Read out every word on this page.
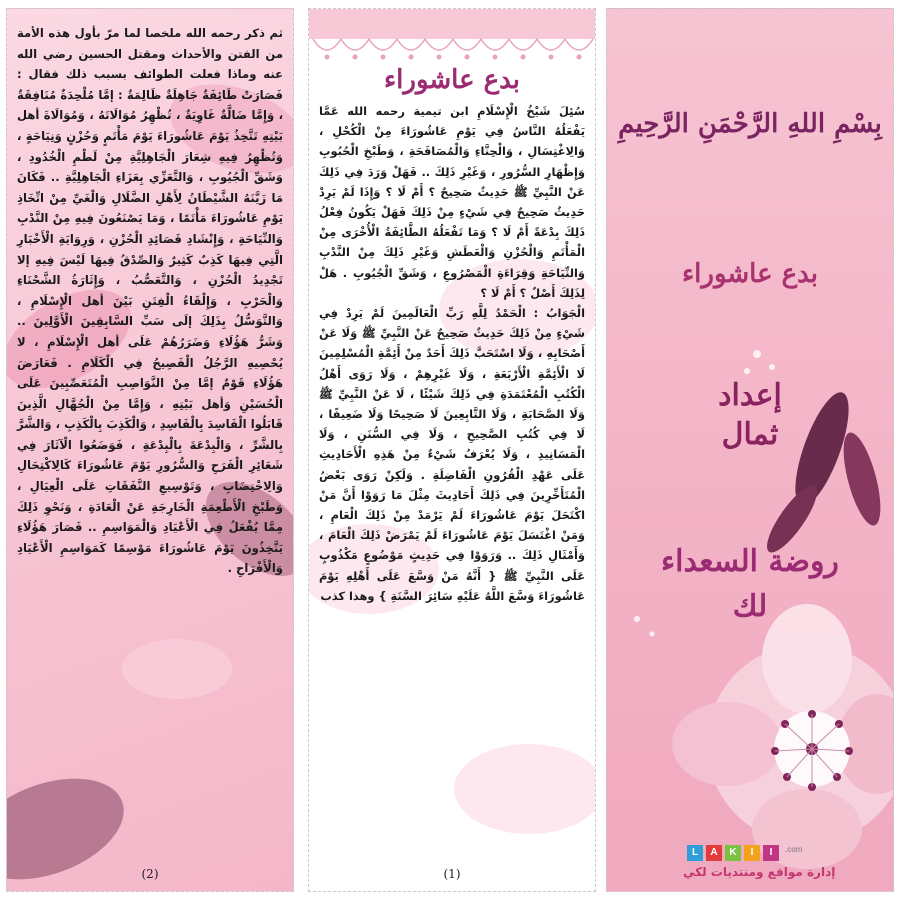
ثم ذكر رحمه الله ملخصا لما مرّ بأول هذه الأمة من الفتن والأحداث ومقتل الحسين رضي الله عنه وماذا فعلت الطوائف بسبب ذلك فقال : فَصَارَتْ طَائِفَةٌ جَاهِلَةٌ ظَالِمَةٌ : إمَّا مُلْحِدَةٌ مُنَافِقَةٌ ، وَإِمَّا ضَالَّةٌ غَاوِيَةٌ ، تُظْهِرُ مُوَالَاتَهُ ، وَمُوَالَاةَ أهل بَيْتِهِ تَتَّخِذُ يَوْمَ عَاشُورَاءَ يَوْمَ مَأْتَمٍ وَحُزْنٍ وَنِيَاحَةٍ ، وَتُظْهِرُ فِيهِ شِعَارَ الْجَاهِلِيَّةِ مِنْ لَطْمِ الْخُدُودِ ، وَشَقِّ الْجُيُوبِ ، وَالتَّعَزِّي بِعَزَاءِ الْجَاهِلِيَّةِ .. فَكَانَ مَا زَيَّنَهُ الشَّيْطَانُ لِأَهْلِ الضَّلَالِ وَالْغَيِّ مِنْ اتِّخَاذِ يَوْمِ عَاشُورَاءَ مَأْتَمًا ، وَمَا يَصْنَعُونَ فِيهِ مِنْ النَّدْبِ وَالنِّيَاحَةِ ، وَإِنْشَادِ قَصَائِدِ الْحُزْنِ ، وَرِوَايَةِ الْأَخْبَارِ الَّتِي فِيهَا كَذِبٌ كَثِيرٌ وَالصِّدْقُ فِيهَا لَيْسَ فِيهِ إلا تَجْدِيدُ الْحُزْنِ ، وَالتَّعَصُّبُ ، وَإِثَارَةُ الشَّحْنَاءِ وَالْحَرْبِ ، وَإِلْقَاءُ الْفِتَنِ بَيْنَ أهل الْإِسْلَامِ ، وَالتَّوَسُّلُ بِذَلِكَ إلَى سَبِّ السَّابِقِينَ الْأَوَّلِينَ .. وَشَرُّ هَؤُلَاءِ وَضَرَرُهُمْ عَلَى أهل الْإِسْلَامِ ، لا يُحْصِيهِ الرَّجُلُ الْفَصِيحُ فِي الْكَلَامِ . فَعَارَضَ هَؤُلَاءِ قَوْمٌ إمَّا مِنْ النَّوَاصِبِ الْمُتَعَصِّبِينَ عَلَى الْحُسَيْنِ وَأهل بَيْتِهِ ، وَإِمَّا مِنْ الْجُهَّالِ الَّذِينَ قَابَلُوا الْفَاسِدَ بِالْفَاسِدِ ، وَالْكَذِبَ بِالْكَذِبِ ، وَالشَّرَّ بِالشَّرِّ ، وَالْبِدْعَةَ بِالْبِدْعَةِ ، فَوَضَعُوا الْآثَارَ فِي شَعَائِرِ الْفَرَحِ وَالسُّرُورِ يَوْمَ عَاشُورَاءَ كَالِاكْتِحَالِ وَالِاخْتِضَابِ ، وَتَوْسِيعِ النَّفَقَاتِ عَلَى الْعِيَالِ ، وَطَبْخِ الْأَطْعِمَةِ الْخَارِجَةِ عَنْ الْعَادَةِ ، وَنَحْوِ ذَلِكَ مِمَّا يُفْعَلُ فِي الْأَعْيَادِ وَالْمَوَاسِمِ .. فَصَارَ هَؤُلَاءِ يَتَّخِذُونَ يَوْمَ عَاشُورَاءَ مَوْسِمًا كَمَوَاسِمِ الْأَعْيَادِ وَالْأَفْرَاحِ .

(2)
بدع عاشوراء

سُئِلَ شَيْخُ الْإِسْلَامِ ابن تيمية رحمه الله عَمَّا يَفْعَلُهُ النَّاسُ فِي يَوْمِ عَاشُورَاءَ مِنْ الْكُحْلِ ، وَالِاغْتِسَالِ ، وَالْحِنَّاءِ وَالْمُصَافَحَةِ ، وَطَبْخِ الْحُبُوبِ وَإِظْهَارِ السُّرُورِ ، وَغَيْرِ ذَلِكَ .. فَهَلْ وَرَدَ فِي ذَلِكَ عَنْ النَّبِيِّ ﷺ حَدِيثٌ صَحِيحٌ ؟ أَمْ لَا ؟ وَإِذَا لَمْ يَرِدْ حَدِيثٌ صَحِيحٌ فِي شَيْءٍ مِنْ ذَلِكَ فَهَلْ يَكُونُ فِعْلُ ذَلِكَ بِدْعَةً أَمْ لَا ؟ وَمَا تَفْعَلُهُ الطَّائِفَةُ الْأُخْرَى مِنْ الْمَأْتَمِ وَالْحُزْنِ وَالْعَطَشِ وَغَيْرِ ذَلِكَ مِنْ النَّدْبِ وَالنِّيَاحَةِ وَقِرَاءَةِ الْمَصْرُوعِ ، وَشَقِّ الْجُيُوبِ . هَلْ لِذَلِكَ أَصْلٌ ؟ أَمْ لَا ؟

الْجَوَابُ : الْحَمْدُ لِلَّهِ رَبِّ الْعَالَمِينَ لَمْ يَرِدْ فِي شَيْءٍ مِنْ ذَلِكَ حَدِيثٌ صَحِيحٌ عَنْ النَّبِيِّ ﷺ وَلَا عَنْ أَصْحَابِهِ ، وَلَا اسْتَحَبَّ ذَلِكَ أَحَدٌ مِنْ أَئِمَّةِ الْمُسْلِمِينَ لَا الْأَئِمَّةِ الْأَرْبَعَةِ ، وَلَا غَيْرِهِمْ ، وَلَا رَوَى أَهْلُ الْكُتُبِ الْمُعْتَمَدَةِ فِي ذَلِكَ شَيْئًا ، لَا عَنْ النَّبِيِّ ﷺ وَلَا الصَّحَابَةِ ، وَلَا التَّابِعِينَ لَا صَحِيحًا وَلَا ضَعِيفًا ، لَا فِي كُتُبِ الصَّحِيحِ ، وَلَا فِي السُّنَنِ ، وَلَا الْمَسَانِيدِ ، وَلَا يُعْرَفُ شَيْءٌ مِنْ هَذِهِ الْأَحَادِيثِ عَلَى عَهْدِ الْقُرُونِ الْفَاضِلَةِ . وَلَكِنْ رَوَى بَعْضُ الْمُتَأَخِّرِينَ فِي ذَلِكَ أَحَادِيثَ مِثْلَ مَا رَوَوْا أَنَّ مَنْ اكْتَحَلَ يَوْمَ عَاشُورَاءَ لَمْ يَرْمَدْ مِنْ ذَلِكَ الْعَامِ ، وَمَنْ اغْتَسَلَ يَوْمَ عَاشُورَاءَ لَمْ يَمْرَضْ ذَلِكَ الْعَامَ ، وَأَمْثَالِ ذَلِكَ .. وَرَوَوْا فِي حَدِيثٍ مَوْضُوعٍ مَكْذُوبٍ عَلَى النَّبِيِّ ﷺ { أَنَّهُ مَنْ وَسَّعَ عَلَى أَهْلِهِ يَوْمَ عَاشُورَاءَ وَسَّعَ اللَّهُ عَلَيْهِ سَائِرَ السَّنَةِ } وهذا كذب

(1)
بِسْمِ اللهِ الرَّحْمَنِ الرَّحِيمِ
بدع عاشوراء
إعداد
ثمال
روضة السعداء
لك
L	A	K	I	I	.com
إدارة مواقع ومنتديات لكي
